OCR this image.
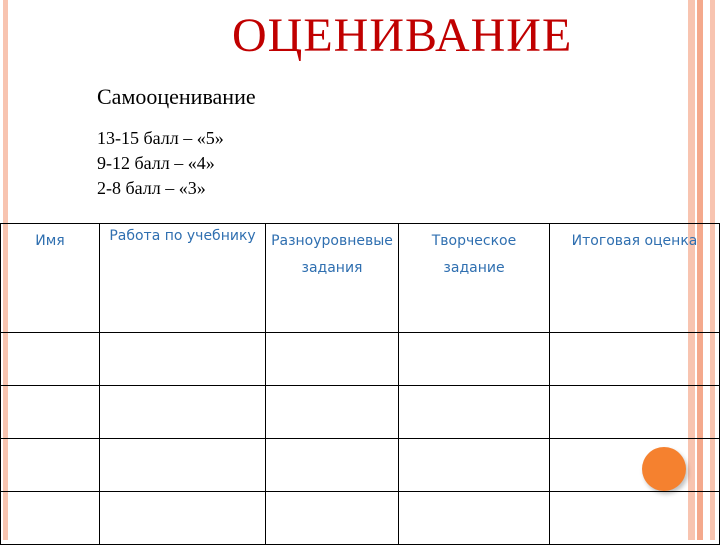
ОЦЕНИВАНИЕ
Самооценивание
13-15 балл – «5»
9-12 балл – «4»
2-8 балл – «3»
Имя	Работа по учебнику	Разноуровневые задания	Творческое задание	Итоговая оценка
